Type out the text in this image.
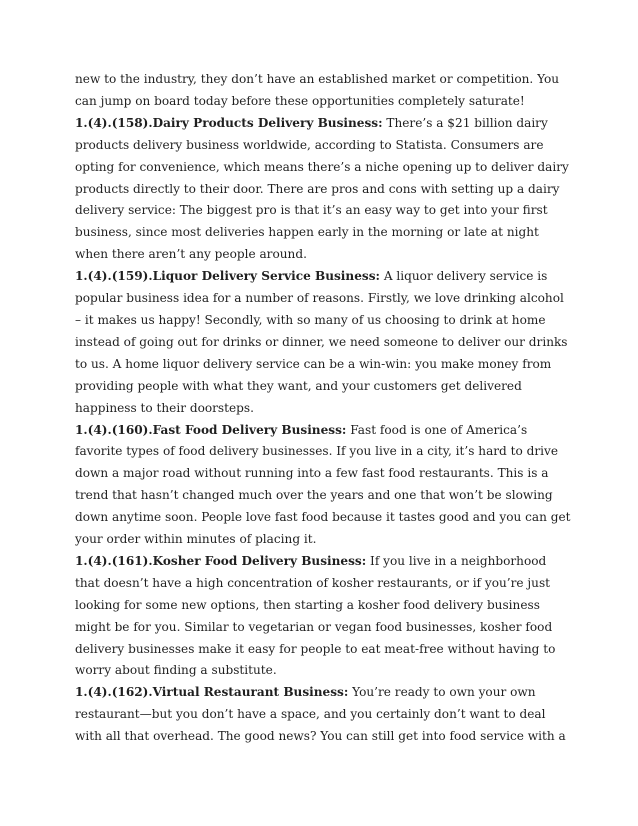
new to the industry, they don’t have an established market or competition. You can jump on board today before these opportunities completely saturate!

1.(4).(158).Dairy Products Delivery Business: There’s a $21 billion dairy products delivery business worldwide, according to Statista. Consumers are opting for convenience, which means there’s a niche opening up to deliver dairy products directly to their door. There are pros and cons with setting up a dairy delivery service: The biggest pro is that it’s an easy way to get into your first business, since most deliveries happen early in the morning or late at night when there aren’t any people around.

1.(4).(159).Liquor Delivery Service Business: A liquor delivery service is popular business idea for a number of reasons. Firstly, we love drinking alcohol – it makes us happy! Secondly, with so many of us choosing to drink at home instead of going out for drinks or dinner, we need someone to deliver our drinks to us. A home liquor delivery service can be a win-win: you make money from providing people with what they want, and your customers get delivered happiness to their doorsteps.

1.(4).(160).Fast Food Delivery Business: Fast food is one of America’s favorite types of food delivery businesses. If you live in a city, it’s hard to drive down a major road without running into a few fast food restaurants. This is a trend that hasn’t changed much over the years and one that won’t be slowing down anytime soon. People love fast food because it tastes good and you can get your order within minutes of placing it.

1.(4).(161).Kosher Food Delivery Business: If you live in a neighborhood that doesn’t have a high concentration of kosher restaurants, or if you’re just looking for some new options, then starting a kosher food delivery business might be for you. Similar to vegetarian or vegan food businesses, kosher food delivery businesses make it easy for people to eat meat-free without having to worry about finding a substitute.

1.(4).(162).Virtual Restaurant Business: You’re ready to own your own restaurant—but you don’t have a space, and you certainly don’t want to deal with all that overhead. The good news? You can still get into food service with a
